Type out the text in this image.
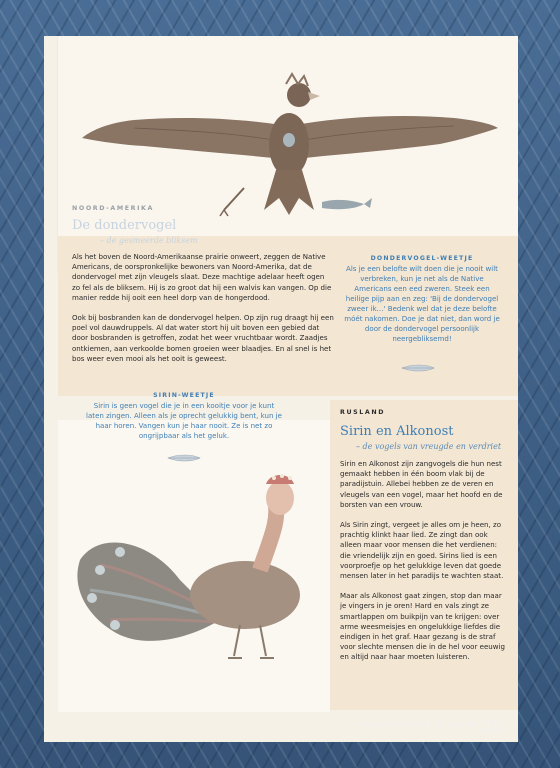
NOORD-AMERIKA
De dondervogel
– de gesmeerde bliksem

Als het boven de Noord-Amerikaanse prairie onweert, zeggen de Native Americans, de oorspronkelijke bewoners van Noord-Amerika, dat de dondervogel met zijn vleugels slaat. Deze machtige adelaar heeft ogen zo fel als de bliksem. Hij is zo groot dat hij een walvis kan vangen. Op die manier redde hij ooit een heel dorp van de hongerdood.

Ook bij bosbranden kan de dondervogel helpen. Op zijn rug draagt hij een poel vol dauwdruppels. Al dat water stort hij uit boven een gebied dat door bosbranden is getroffen, zodat het weer vruchtbaar wordt. Zaadjes ontkiemen, aan verkoolde bomen groeien weer blaadjes. En al snel is het bos weer even mooi als het ooit is geweest.

DONDERVOGEL-WEETJE
Als je een belofte wilt doen die je nooit wilt verbreken, kun je net als de Native Americans een eed zweren. Steek een heilige pijp aan en zeg: 'Bij de dondervogel zweer ik…' Bedenk wel dat je deze belofte móét nakomen. Doe je dat niet, dan word je door de dondervogel persoonlijk neergebliksemd!
SIRIN-WEETJE
Sirin is geen vogel die je in een kooitje voor je kunt laten zingen. Alleen als je oprecht gelukkig bent, kun je haar horen. Vangen kun je haar nooit. Ze is net zo ongrijpbaar als het geluk.
RUSLAND
Sirin en Alkonost
– de vogels van vreugde en verdriet

Sirin en Alkonost zijn zangvogels die hun nest gemaakt hebben in één boom vlak bij de paradijstuin. Allebei hebben ze de veren en vleugels van een vogel, maar het hoofd en de borsten van een vrouw.

Als Sirin zingt, vergeet je alles om je heen, zo prachtig klinkt haar lied. Ze zingt dan ook alleen maar voor mensen die het verdienen: die vriendelijk zijn en goed. Sirins lied is een voorproefje op het gelukkige leven dat goede mensen later in het paradijs te wachten staat.

Maar als Alkonost gaat zingen, stop dan maar je vingers in je oren! Hard en vals zingt ze smartlappen om buikpijn van te krijgen: over arme weesmeisjes en ongelukkige liefdes die eindigen in het graf. Haar gezang is de straf voor slechte mensen die in de hel voor eeuwig en altijd naar haar moeten luisteren.

FABELDIEREN VAN DE LUCHT 25
